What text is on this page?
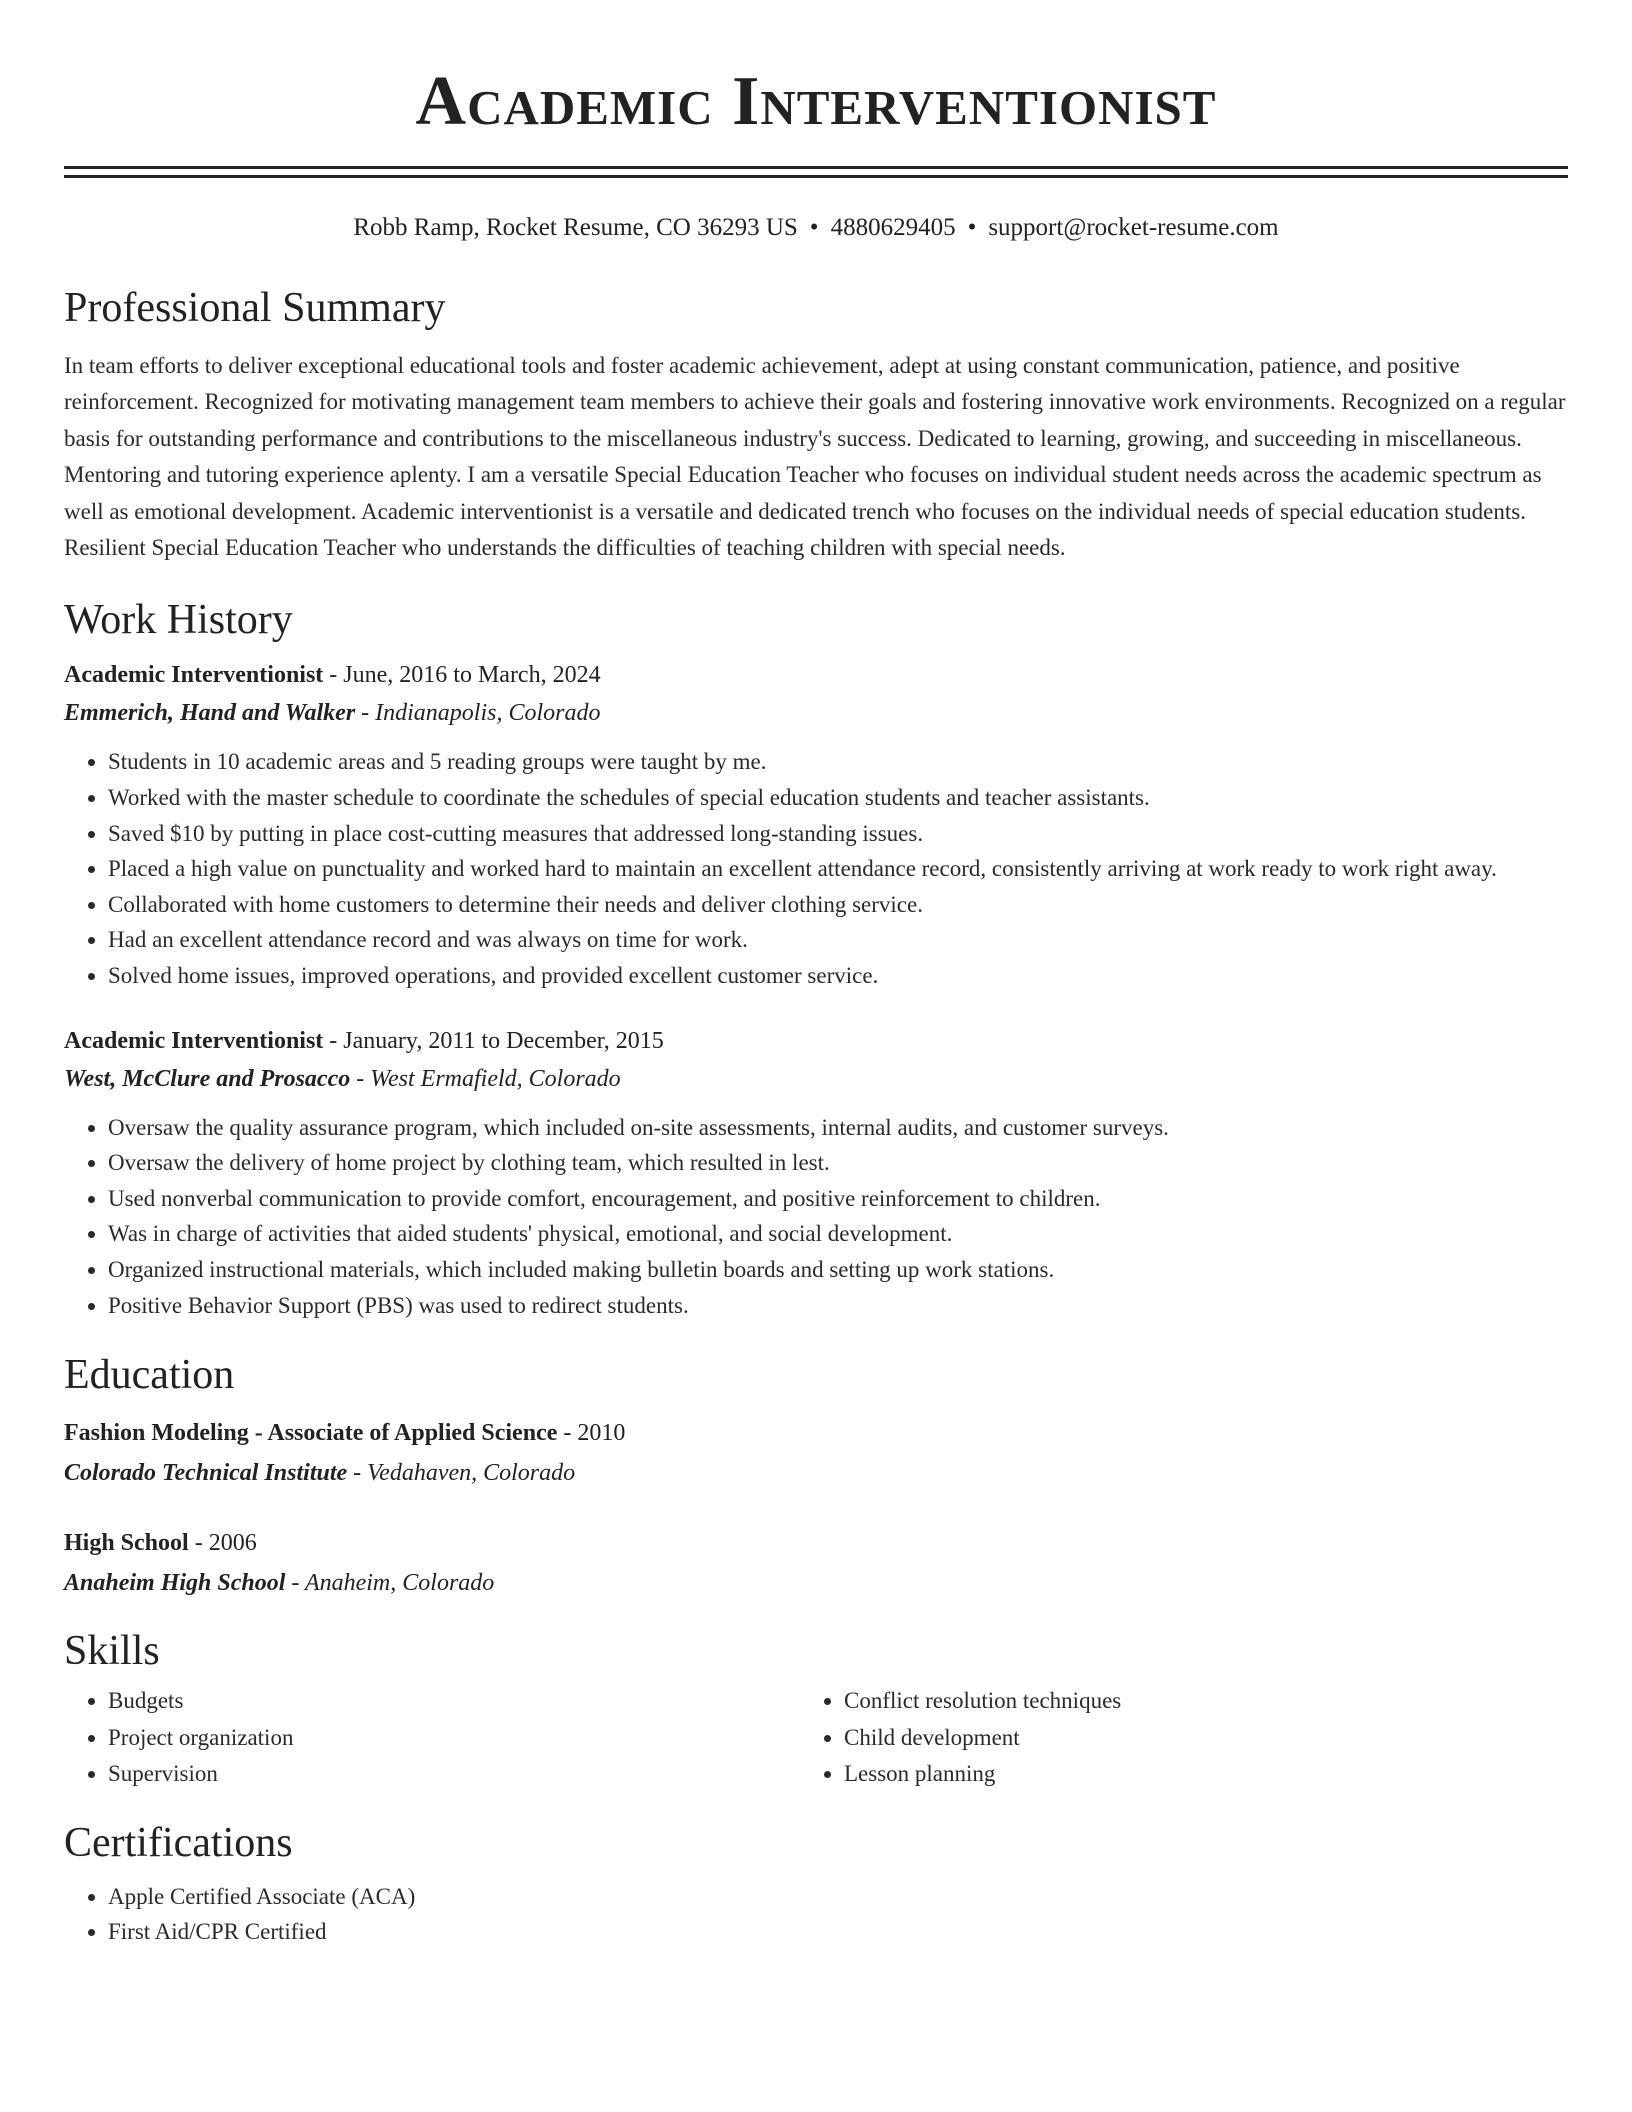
Academic Interventionist
Robb Ramp, Rocket Resume, CO 36293 US • 4880629405 • support@rocket-resume.com
Professional Summary
In team efforts to deliver exceptional educational tools and foster academic achievement, adept at using constant communication, patience, and positive reinforcement. Recognized for motivating management team members to achieve their goals and fostering innovative work environments. Recognized on a regular basis for outstanding performance and contributions to the miscellaneous industry's success. Dedicated to learning, growing, and succeeding in miscellaneous. Mentoring and tutoring experience aplenty. I am a versatile Special Education Teacher who focuses on individual student needs across the academic spectrum as well as emotional development. Academic interventionist is a versatile and dedicated trench who focuses on the individual needs of special education students. Resilient Special Education Teacher who understands the difficulties of teaching children with special needs.
Work History
Academic Interventionist - June, 2016 to March, 2024
Emmerich, Hand and Walker - Indianapolis, Colorado
• Students in 10 academic areas and 5 reading groups were taught by me.
• Worked with the master schedule to coordinate the schedules of special education students and teacher assistants.
• Saved $10 by putting in place cost-cutting measures that addressed long-standing issues.
• Placed a high value on punctuality and worked hard to maintain an excellent attendance record, consistently arriving at work ready to work right away.
• Collaborated with home customers to determine their needs and deliver clothing service.
• Had an excellent attendance record and was always on time for work.
• Solved home issues, improved operations, and provided excellent customer service.
Academic Interventionist - January, 2011 to December, 2015
West, McClure and Prosacco - West Ermafield, Colorado
• Oversaw the quality assurance program, which included on-site assessments, internal audits, and customer surveys.
• Oversaw the delivery of home project by clothing team, which resulted in lest.
• Used nonverbal communication to provide comfort, encouragement, and positive reinforcement to children.
• Was in charge of activities that aided students' physical, emotional, and social development.
• Organized instructional materials, which included making bulletin boards and setting up work stations.
• Positive Behavior Support (PBS) was used to redirect students.
Education
Fashion Modeling - Associate of Applied Science - 2010
Colorado Technical Institute - Vedahaven, Colorado
High School - 2006
Anaheim High School - Anaheim, Colorado
Skills
• Budgets
• Project organization
• Supervision
• Conflict resolution techniques
• Child development
• Lesson planning
Certifications
• Apple Certified Associate (ACA)
• First Aid/CPR Certified
